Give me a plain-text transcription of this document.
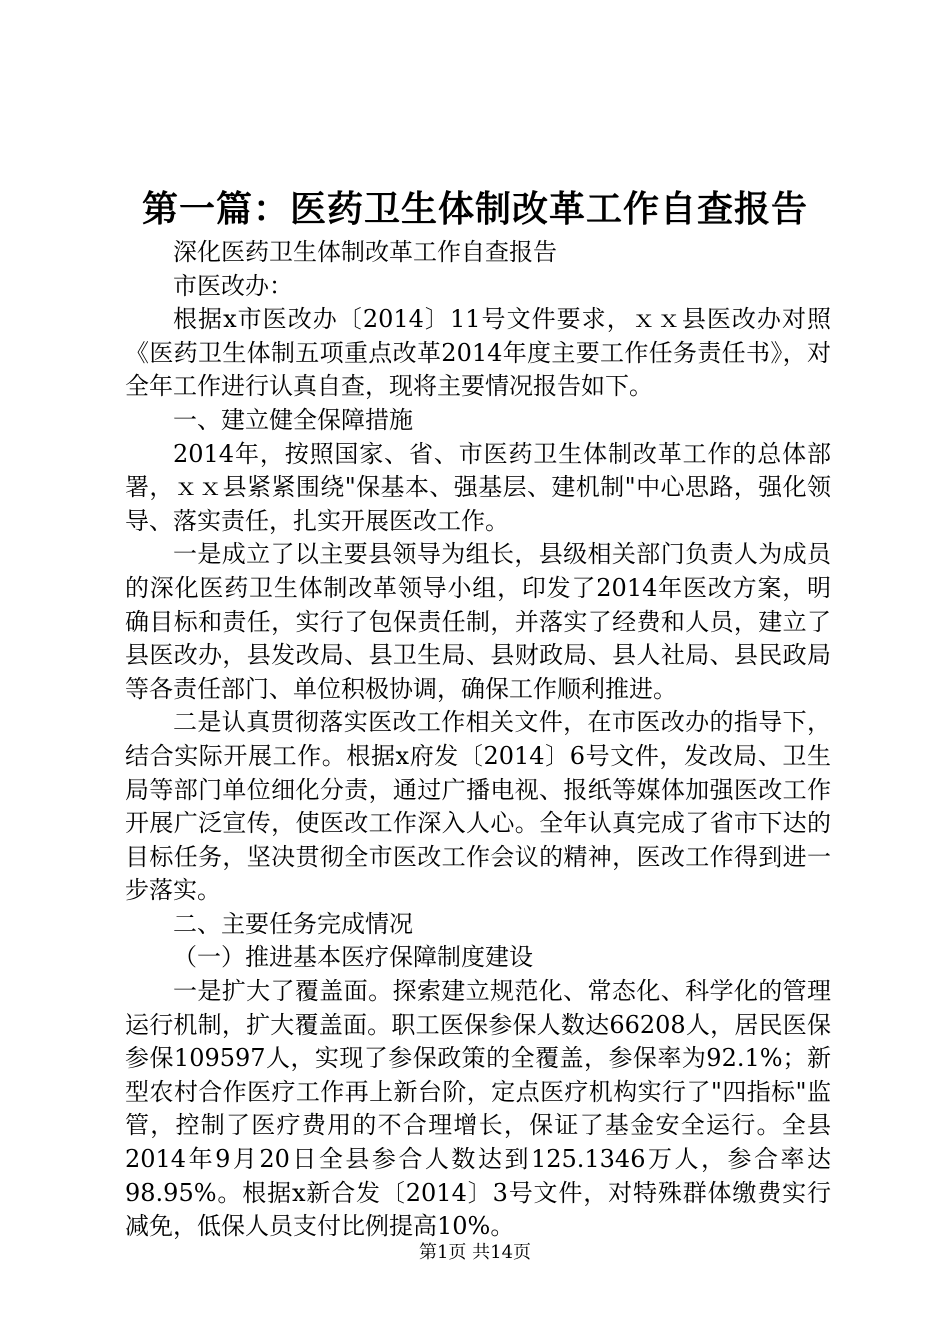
第一篇：医药卫生体制改革工作自查报告

深化医药卫生体制改革工作自查报告

市医改办：

根据x市医改办〔2014〕11号文件要求，ｘｘ县医改办对照《医药卫生体制五项重点改革2014年度主要工作任务责任书》，对全年工作进行认真自查，现将主要情况报告如下。

一、建立健全保障措施

2014年，按照国家、省、市医药卫生体制改革工作的总体部署，ｘｘ县紧紧围绕"保基本、强基层、建机制"中心思路，强化领导、落实责任，扎实开展医改工作。

一是成立了以主要县领导为组长，县级相关部门负责人为成员的深化医药卫生体制改革领导小组，印发了2014年医改方案，明确目标和责任，实行了包保责任制，并落实了经费和人员，建立了县医改办，县发改局、县卫生局、县财政局、县人社局、县民政局等各责任部门、单位积极协调，确保工作顺利推进。

二是认真贯彻落实医改工作相关文件，在市医改办的指导下，结合实际开展工作。根据x府发〔2014〕6号文件，发改局、卫生局等部门单位细化分责，通过广播电视、报纸等媒体加强医改工作开展广泛宣传，使医改工作深入人心。全年认真完成了省市下达的目标任务，坚决贯彻全市医改工作会议的精神，医改工作得到进一步落实。

二、主要任务完成情况

（一）推进基本医疗保障制度建设

一是扩大了覆盖面。探索建立规范化、常态化、科学化的管理运行机制，扩大覆盖面。职工医保参保人数达66208人，居民医保参保109597人，实现了参保政策的全覆盖，参保率为92.1%；新型农村合作医疗工作再上新台阶，定点医疗机构实行了"四指标"监管，控制了医疗费用的不合理增长，保证了基金安全运行。全县2014年9月20日全县参合人数达到125.1346万人，参合率达98.95%。根据x新合发〔2014〕3号文件，对特殊群体缴费实行减免，低保人员支付比例提高10%。

第1页 共14页
